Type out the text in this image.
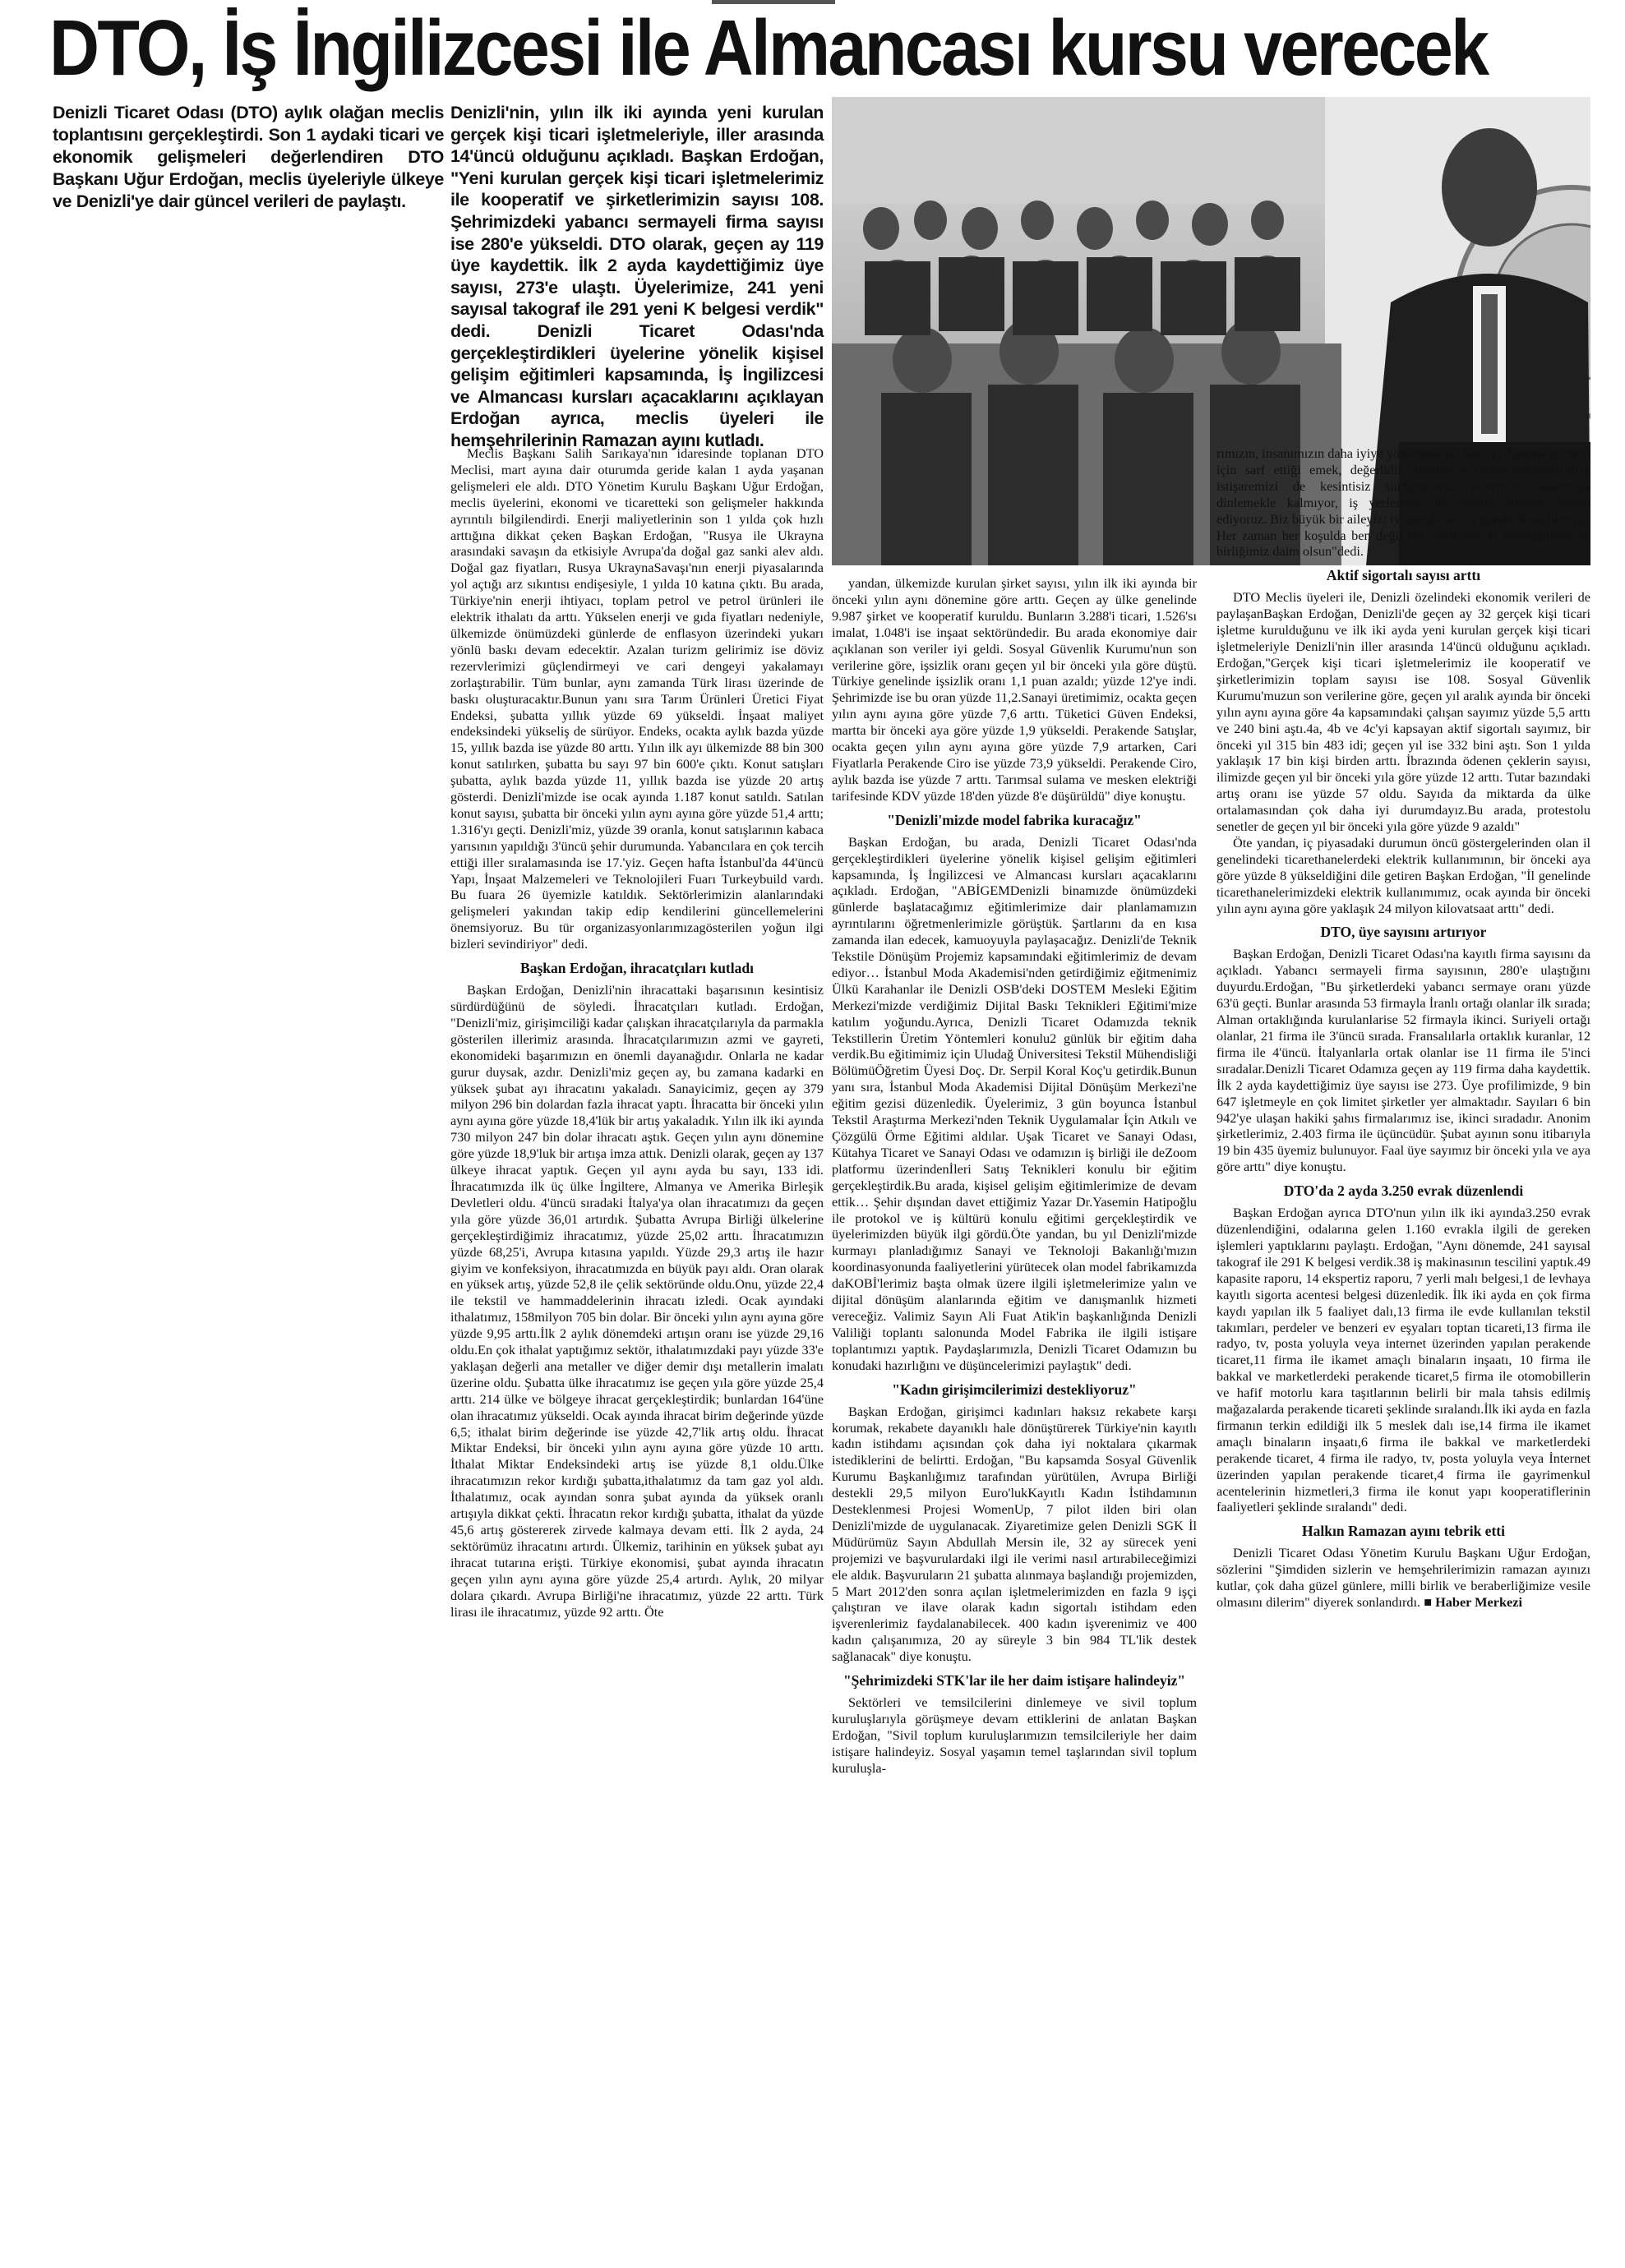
DTO, İş İngilizcesi ile Almancası kursu verecek
Denizli Ticaret Odası (DTO) aylık olağan meclis toplantısını gerçekleştirdi. Son 1 aydaki ticari ve ekonomik gelişmeleri değerlendiren DTO Başkanı Uğur Erdoğan, meclis üyeleriyle ülkeye ve Denizli'ye dair güncel verileri de paylaştı.
Denizli'nin, yılın ilk iki ayında yeni kurulan gerçek kişi ticari işletmeleriyle, iller arasında 14'üncü olduğunu açıkladı. Başkan Erdoğan, "Yeni kurulan gerçek kişi ticari işletmelerimiz ile kooperatif ve şirketlerimizin sayısı 108. Şehrimizdeki yabancı sermayeli firma sayısı ise 280'e yükseldi. DTO olarak, geçen ay 119 üye kaydettik. İlk 2 ayda kaydettiğimiz üye sayısı, 273'e ulaştı. Üyelerimize, 241 yeni sayısal takograf ile 291 yeni K belgesi verdik" dedi. Denizli Ticaret Odası'nda gerçekleştirdikleri üyelerine yönelik kişisel gelişim eğitimleri kapsamında, İş İngilizcesi ve Almancası kursları açacaklarını açıklayan Erdoğan ayrıca, meclis üyeleri ile hemşehrilerinin Ramazan ayını kutladı.

Meclis Başkanı Salih Sarıkaya'nın idaresinde toplanan DTO Meclisi, mart ayına dair oturumda geride kalan 1 ayda yaşanan gelişmeleri ele aldı. DTO Yönetim Kurulu Başkanı Uğur Erdoğan, meclis üyelerini, ekonomi ve ticaretteki son gelişmeler hakkında ayrıntılı bilgilendirdi. Enerji maliyetlerinin son 1 yılda çok hızlı arttığına dikkat çeken Başkan Erdoğan, "Rusya ile Ukrayna arasındaki savaşın da etkisiyle Avrupa'da doğal gaz sanki alev aldı. Doğal gaz fiyatları, Rusya UkraynaSavaşı'nın enerji piyasalarında yol açtığı arz sıkıntısı endişesiyle, 1 yılda 10 katına çıktı. Bu arada, Türkiye'nin enerji ihtiyacı, toplam petrol ve petrol ürünleri ile elektrik ithalatı da arttı. Yükselen enerji ve gıda fiyatları nedeniyle, ülkemizde önümüzdeki günlerde de enflasyon üzerindeki yukarı yönlü baskı devam edecektir. Azalan turizm gelirimiz ise döviz rezervlerimizi güçlendirmeyi ve cari dengeyi yakalamayı zorlaştırabilir. Tüm bunlar, aynı zamanda Türk lirası üzerinde de baskı oluşturacaktır.Bunun yanı sıra Tarım Ürünleri Üretici Fiyat Endeksi, şubatta yıllık yüzde 69 yükseldi. İnşaat maliyet endeksindeki yükseliş de sürüyor. Endeks, ocakta aylık bazda yüzde 15, yıllık bazda ise yüzde 80 arttı. Yılın ilk ayı ülkemizde 88 bin 300 konut satılırken, şubatta bu sayı 97 bin 600'e çıktı. Konut satışları şubatta, aylık bazda yüzde 11, yıllık bazda ise yüzde 20 artış gösterdi. Denizli'mizde ise ocak ayında 1.187 konut satıldı. Satılan konut sayısı, şubatta bir önceki yılın aynı ayına göre yüzde 51,4 arttı; 1.316'yı geçti. Denizli'miz, yüzde 39 oranla, konut satışlarının kabaca yarısının yapıldığı 3'üncü şehir durumunda. Yabancılara en çok tercih ettiği iller sıralamasında ise 17.'yiz. Geçen hafta İstanbul'da 44'üncü Yapı, İnşaat Malzemeleri ve Teknolojileri Fuarı Turkeybuild vardı. Bu fuara 26 üyemizle katıldık. Sektörlerimizin alanlarındaki gelişmeleri yakından takip edip kendilerini güncellemelerini önemsiyoruz. Bu tür organizasyonlarımızagösterilen yoğun ilgi bizleri sevindiriyor" dedi.

Başkan Erdoğan, ihracatçıları kutladı

Başkan Erdoğan, Denizli'nin ihracattaki başarısının kesintisiz sürdürdüğünü de söyledi. İhracatçıları kutladı. Erdoğan, "Denizli'miz, girişimciliği kadar çalışkan ihracatçılarıyla da parmakla gösterilen illerimiz arasında. İhracatçılarımızın azmi ve gayreti, ekonomideki başarımızın en önemli dayanağıdır. Onlarla ne kadar gurur duysak, azdır. Denizli'miz geçen ay, bu zamana kadarki en yüksek şubat ayı ihracatını yakaladı. Sanayicimiz, geçen ay 379 milyon 296 bin dolardan fazla ihracat yaptı. İhracatta bir önceki yılın aynı ayına göre yüzde 18,4'lük bir artış yakaladık. Yılın ilk iki ayında 730 milyon 247 bin dolar ihracatı aştık. Geçen yılın aynı dönemine göre yüzde 18,9'luk bir artışa imza attık. Denizli olarak, geçen ay 137 ülkeye ihracat yaptık. Geçen yıl aynı ayda bu sayı, 133 idi. İhracatımızda ilk üç ülke İngiltere, Almanya ve Amerika Birleşik Devletleri oldu. 4'üncü sıradaki İtalya'ya olan ihracatımızı da geçen yıla göre yüzde 36,01 artırdık. Şubatta Avrupa Birliği ülkelerine gerçekleştirdiğimiz ihracatımız, yüzde 25,02 arttı. İhracatımızın yüzde 68,25'i, Avrupa kıtasına yapıldı. Yüzde 29,3 artış ile hazır giyim ve konfeksiyon, ihracatımızda en büyük payı aldı. Oran olarak en yüksek artış, yüzde 52,8 ile çelik sektöründe oldu.Onu, yüzde 22,4 ile tekstil ve hammaddelerinin ihracatı izledi. Ocak ayındaki ithalatımız, 158milyon 705 bin dolar. Bir önceki yılın aynı ayına göre yüzde 9,95 arttı.İlk 2 aylık dönemdeki artışın oranı ise yüzde 29,16 oldu.En çok ithalat yaptığımız sektör, ithalatımızdaki payı yüzde 33'e yaklaşan değerli ana metaller ve diğer demir dışı metallerin imalatı üzerine oldu. Şubatta ülke ihracatımız ise geçen yıla göre yüzde 25,4 arttı. 214 ülke ve bölgeye ihracat gerçekleştirdik; bunlardan 164'üne olan ihracatımız yükseldi. Ocak ayında ihracat birim değerinde yüzde 6,5; ithalat birim değerinde ise yüzde 42,7'lik artış oldu. İhracat Miktar Endeksi, bir önceki yılın aynı ayına göre yüzde 10 arttı. İthalat Miktar Endeksindeki artış ise yüzde 8,1 oldu.Ülke ihracatımızın rekor kırdığı şubatta,ithalatımız da tam gaz yol aldı. İthalatımız, ocak ayından sonra şubat ayında da yüksek oranlı artışıyla dikkat çekti. İhracatın rekor kırdığı şubatta, ithalat da yüzde 45,6 artış göstererek zirvede kalmaya devam etti. İlk 2 ayda, 24 sektörümüz ihracatını artırdı. Ülkemiz, tarihinin en yüksek şubat ayı ihracat tutarına erişti. Türkiye ekonomisi, şubat ayında ihracatın geçen yılın aynı ayına göre yüzde 25,4 artırdı. Aylık, 20 milyar dolara çıkardı. Avrupa Birliği'ne ihracatımız, yüzde 22 arttı. Türk lirası ile ihracatımız, yüzde 92 arttı. Öte

yandan, ülkemizde kurulan şirket sayısı, yılın ilk iki ayında bir önceki yılın aynı dönemine göre arttı. Geçen ay ülke genelinde 9.987 şirket ve kooperatif kuruldu. Bunların 3.288'i ticari, 1.526'sı imalat, 1.048'i ise inşaat sektöründedir. Bu arada ekonomiye dair açıklanan son veriler iyi geldi. Sosyal Güvenlik Kurumu'nun son verilerine göre, işsizlik oranı geçen yıl bir önceki yıla göre düştü. Türkiye genelinde işsizlik oranı 1,1 puan azaldı; yüzde 12'ye indi. Şehrimizde ise bu oran yüzde 11,2.Sanayi üretimimiz, ocakta geçen yılın aynı ayına göre yüzde 7,6 arttı. Tüketici Güven Endeksi, martta bir önceki aya göre yüzde 1,9 yükseldi. Perakende Satışlar, ocakta geçen yılın aynı ayına göre yüzde 7,9 artarken, Cari Fiyatlarla Perakende Ciro ise yüzde 73,9 yükseldi. Perakende Ciro, aylık bazda ise yüzde 7 arttı. Tarımsal sulama ve mesken elektriği tarifesinde KDV yüzde 18'den yüzde 8'e düşürüldü" diye konuştu.

"Denizli'mizde model fabrika kuracağız"

Başkan Erdoğan, bu arada, Denizli Ticaret Odası'nda gerçekleştirdikleri üyelerine yönelik kişisel gelişim eğitimleri kapsamında, İş İngilizcesi ve Almancası kursları açacaklarını açıkladı. Erdoğan, "ABİGEMDenizli binamızde önümüzdeki günlerde başlatacağımız eğitimlerimize dair planlamamızın ayrıntılarını öğretmenlerimizle görüştük. Şartlarını da en kısa zamanda ilan edecek, kamuoyuyla paylaşacağız. Denizli'de Teknik Tekstile Dönüşüm Projemiz kapsamındaki eğitimlerimiz de devam ediyor… İstanbul Moda Akademisi'nden getirdiğimiz eğitmenimiz Ülkü Karahanlar ile Denizli OSB'deki DOSTEM Mesleki Eğitim Merkezi'mizde verdiğimiz Dijital Baskı Teknikleri Eğitimi'mize katılım yoğundu.Ayrıca, Denizli Ticaret Odamızda teknik Tekstillerin Üretim Yöntemleri konulu2 günlük bir eğitim daha verdik.Bu eğitimimiz için Uludağ Üniversitesi Tekstil Mühendisliği BölümüÖğretim Üyesi Doç. Dr. Serpil Koral Koç'u getirdik.Bunun yanı sıra, İstanbul Moda Akademisi Dijital Dönüşüm Merkezi'ne eğitim gezisi düzenledik. Üyelerimiz, 3 gün boyunca İstanbul Tekstil Araştırma Merkezi'nden Teknik Uygulamalar İçin Atkılı ve Çözgülü Örme Eğitimi aldılar. Uşak Ticaret ve Sanayi Odası, Kütahya Ticaret ve Sanayi Odası ve odamızın iş birliği ile deZoom platformu üzerindenİleri Satış Teknikleri konulu bir eğitim gerçekleştirdik.Bu arada, kişisel gelişim eğitimlerimize de devam ettik… Şehir dışından davet ettiğimiz Yazar Dr.Yasemin Hatipoğlu ile protokol ve iş kültürü konulu eğitimi gerçekleştirdik ve üyelerimizden büyük ilgi gördü.Öte yandan, bu yıl Denizli'mizde kurmayı planladığımız Sanayi ve Teknoloji Bakanlığı'mızın koordinasyonunda faaliyetlerini yürütecek olan model fabrikamızda daKOBİ'lerimiz başta olmak üzere ilgili işletmelerimize yalın ve dijital dönüşüm alanlarında eğitim ve danışmanlık hizmeti vereceğiz. Valimiz Sayın Ali Fuat Atik'in başkanlığında Denizli Valiliği toplantı salonunda Model Fabrika ile ilgili istişare toplantımızı yaptık. Paydaşlarımızla, Denizli Ticaret Odamızın bu konudaki hazırlığını ve düşüncelerimizi paylaştık" dedi.

"Kadın girişimcilerimizi destekliyoruz"

Başkan Erdoğan, girişimci kadınları haksız rekabete karşı korumak, rekabete dayanıklı hale dönüştürerek Türkiye'nin kayıtlı kadın istihdamı açısından çok daha iyi noktalara çıkarmak istediklerini de belirtti. Erdoğan, "Bu kapsamda Sosyal Güvenlik Kurumu Başkanlığımız tarafından yürütülen, Avrupa Birliği destekli 29,5 milyon Euro'lukKayıtlı Kadın İstihdamının Desteklenmesi Projesi WomenUp, 7 pilot ilden biri olan Denizli'mizde de uygulanacak. Ziyaretimize gelen Denizli SGK İl Müdürümüz Sayın Abdullah Mersin ile, 32 ay sürecek yeni projemizi ve başvurulardaki ilgi ile verimi nasıl artırabileceğimizi ele aldık. Başvuruların 21 şubatta alınmaya başlandığı projemizden, 5 Mart 2012'den sonra açılan işletmelerimizden en fazla 9 işçi çalıştıran ve ilave olarak kadın sigortalı istihdam eden işverenlerimiz faydalanabilecek. 400 kadın işverenimiz ve 400 kadın çalışanımıza, 20 ay süreyle 3 bin 984 TL'lik destek sağlanacak" diye konuştu.

"Şehrimizdeki STK'lar ile her daim istişare halindeyiz"

Sektörleri ve temsilcilerini dinlemeye ve sivil toplum kuruluşlarıyla görüşmeye devam ettiklerini de anlatan Başkan Erdoğan, "Sivil toplum kuruluşlarımızın temsilcileriyle her daim istişare halindeyiz. Sosyal yaşamın temel taşlarından sivil toplum kuruluşla-

rımızın, insanımızın daha iyiye yönelmesi ve dahi iyi duruma gelmesi için sarf ettiği emek, değerlidir; başımızın tacıdır.Sektörlerimize istişaremizi de kesintisiz sürdürüyoruz.Üyelerimizi odamızda dinlemekle kalmıyor, iş yerlerinde de ziyaret etmeye devam ediyoruz. Biz büyük bir aileyiz; iyi günde de zor günde de birlikteyiz. Her zaman her koşulda ben değil biz demeliyiz ki dostluğumuz ve birliğimiz daim olsun"dedi.

Aktif sigortalı sayısı arttı

DTO Meclis üyeleri ile, Denizli özelindeki ekonomik verileri de paylaşanBaşkan Erdoğan, Denizli'de geçen ay 32 gerçek kişi ticari işletme kurulduğunu ve ilk iki ayda yeni kurulan gerçek kişi ticari işletmeleriyle Denizli'nin iller arasında 14'üncü olduğunu açıkladı. Erdoğan,"Gerçek kişi ticari işletmelerimiz ile kooperatif ve şirketlerimizin toplam sayısı ise 108. Sosyal Güvenlik Kurumu'muzun son verilerine göre, geçen yıl aralık ayında bir önceki yılın aynı ayına göre 4a kapsamındaki çalışan sayımız yüzde 5,5 arttı ve 240 bini aştı.4a, 4b ve 4c'yi kapsayan aktif sigortalı sayımız, bir önceki yıl 315 bin 483 idi; geçen yıl ise 332 bini aştı. Son 1 yılda yaklaşık 17 bin kişi birden arttı. İbrazında ödenen çeklerin sayısı, ilimizde geçen yıl bir önceki yıla göre yüzde 12 arttı. Tutar bazındaki artış oranı ise yüzde 57 oldu. Sayıda da miktarda da ülke ortalamasından çok daha iyi durumdayız.Bu arada, protestolu senetler de geçen yıl bir önceki yıla göre yüzde 9 azaldı"

Öte yandan, iç piyasadaki durumun öncü göstergelerinden olan il genelindeki ticarethanelerdeki elektrik kullanımının, bir önceki aya göre yüzde 8 yükseldiğini dile getiren Başkan Erdoğan, "İl genelinde ticarethanelerimizdeki elektrik kullanımımız, ocak ayında bir önceki yılın aynı ayına göre yaklaşık 24 milyon kilovatsaat arttı" dedi.

DTO, üye sayısını artırıyor

Başkan Erdoğan, Denizli Ticaret Odası'na kayıtlı firma sayısını da açıkladı. Yabancı sermayeli firma sayısının, 280'e ulaştığını duyurdu.Erdoğan, "Bu şirketlerdeki yabancı sermaye oranı yüzde 63'ü geçti. Bunlar arasında 53 firmayla İranlı ortağı olanlar ilk sırada; Alman ortaklığında kurulanlarise 52 firmayla ikinci. Suriyeli ortağı olanlar, 21 firma ile 3'üncü sırada. Fransalılarla ortaklık kuranlar, 12 firma ile 4'üncü. İtalyanlarla ortak olanlar ise 11 firma ile 5'inci sıradalar.Denizli Ticaret Odamıza geçen ay 119 firma daha kaydettik. İlk 2 ayda kaydettiğimiz üye sayısı ise 273. Üye profilimizde, 9 bin 647 işletmeyle en çok limitet şirketler yer almaktadır. Sayıları 6 bin 942'ye ulaşan hakiki şahıs firmalarımız ise, ikinci sıradadır. Anonim şirketlerimiz, 2.403 firma ile üçüncüdür. Şubat ayının sonu itibarıyla 19 bin 435 üyemiz bulunuyor. Faal üye sayımız bir önceki yıla ve aya göre arttı" diye konuştu.

DTO'da 2 ayda 3.250 evrak düzenlendi

Başkan Erdoğan ayrıca DTO'nun yılın ilk iki ayında3.250 evrak düzenlendiğini, odalarına gelen 1.160 evrakla ilgili de gereken işlemleri yaptıklarını paylaştı. Erdoğan, "Aynı dönemde, 241 sayısal takograf ile 291 K belgesi verdik.38 iş makinasının tescilini yaptık.49 kapasite raporu, 14 ekspertiz raporu, 7 yerli malı belgesi,1 de levhaya kayıtlı sigorta acentesi belgesi düzenledik. İlk iki ayda en çok firma kaydı yapılan ilk 5 faaliyet dalı,13 firma ile evde kullanılan tekstil takımları, perdeler ve benzeri ev eşyaları toptan ticareti,13 firma ile radyo, tv, posta yoluyla veya internet üzerinden yapılan perakende ticaret,11 firma ile ikamet amaçlı binaların inşaatı, 10 firma ile bakkal ve marketlerdeki perakende ticaret,5 firma ile otomobillerin ve hafif motorlu kara taşıtlarının belirli bir mala tahsis edilmiş mağazalarda perakende ticareti şeklinde sıralandı.İlk iki ayda en fazla firmanın terkin edildiği ilk 5 meslek dalı ise,14 firma ile ikamet amaçlı binaların inşaatı,6 firma ile bakkal ve marketlerdeki perakende ticaret, 4 firma ile radyo, tv, posta yoluyla veya İnternet üzerinden yapılan perakende ticaret,4 firma ile gayrimenkul acentelerinin hizmetleri,3 firma ile konut yapı kooperatiflerinin faaliyetleri şeklinde sıralandı" dedi.

Halkın Ramazan ayını tebrik etti

Denizli Ticaret Odası Yönetim Kurulu Başkanı Uğur Erdoğan, sözlerini "Şimdiden sizlerin ve hemşehrilerimizin ramazan ayınızı kutlar, çok daha güzel günlere, milli birlik ve beraberliğimize vesile olmasını dilerim" diyerek sonlandırdı. ■ Haber Merkezi
